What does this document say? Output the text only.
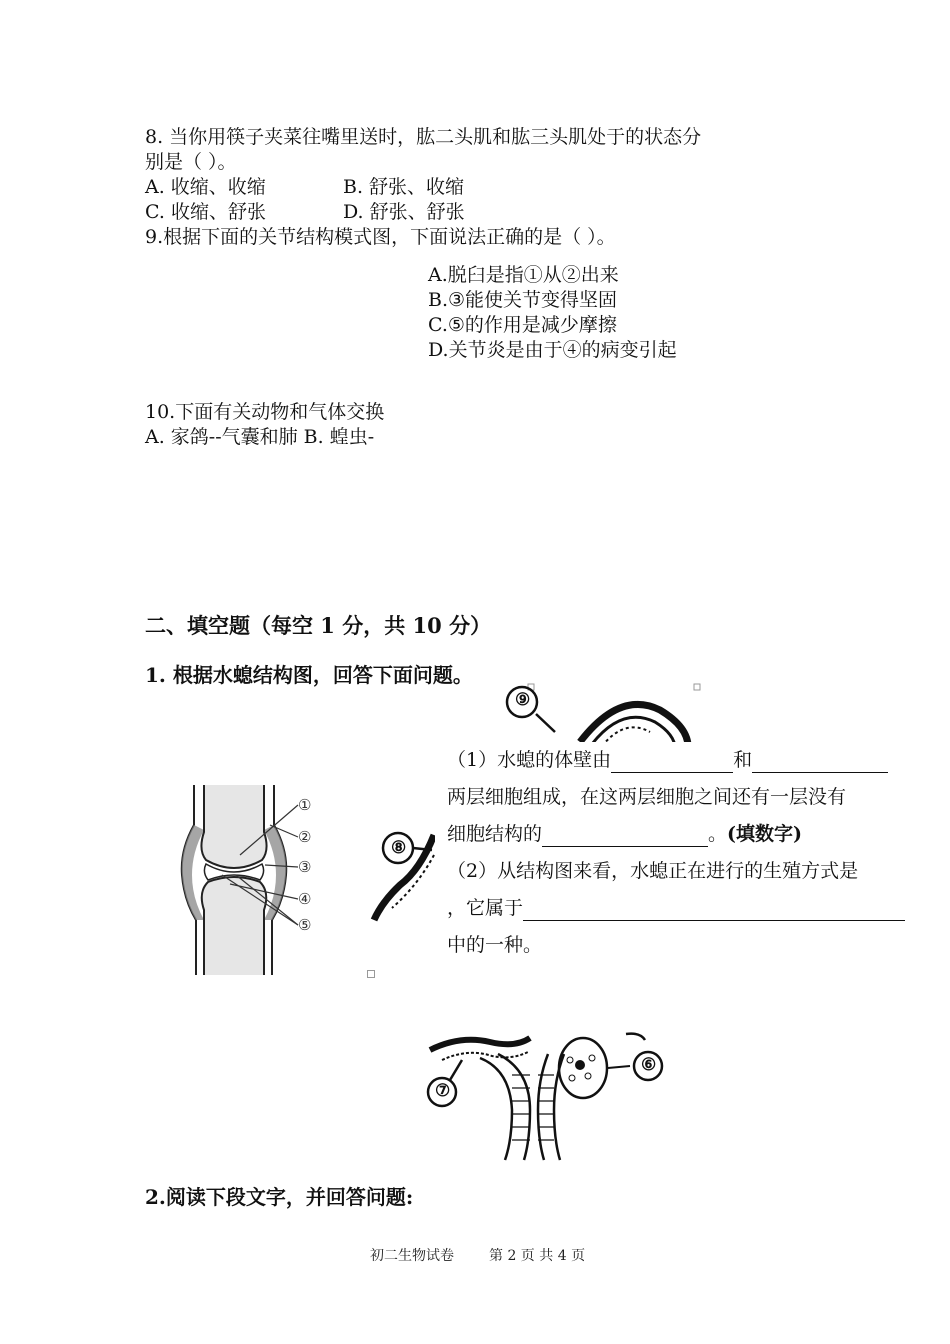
8. 当你用筷子夹菜往嘴里送时，肱二头肌和肱三头肌处于的状态分
别是（ ）。
A. 收缩、收缩	B. 舒张、收缩
C. 收缩、舒张	D. 舒张、舒张
9.根据下面的关节结构模式图，下面说法正确的是（ ）。
A.脱臼是指①从②出来
B.③能使关节变得坚固
C.⑤的作用是减少摩擦
D.关节炎是由于④的病变引起
10.下面有关动物和气体交换
A. 家鸽--气囊和肺 B. 蝗虫-
二、填空题（每空 1 分，共 10 分）
1. 根据水螅结构图，回答下面问题。
①
②
③
④
⑤
（1）水螅的体壁由	和
两层细胞组成，在这两层细胞之间还有一层没有
细胞结构的	。(填数字)
（2）从结构图来看，水螅正在进行的生殖方式是
，它属于
中的一种。
⑥
⑦
⑨
⑧
2.阅读下段文字，并回答问题:
初二生物试卷	第 2 页 共 4 页
